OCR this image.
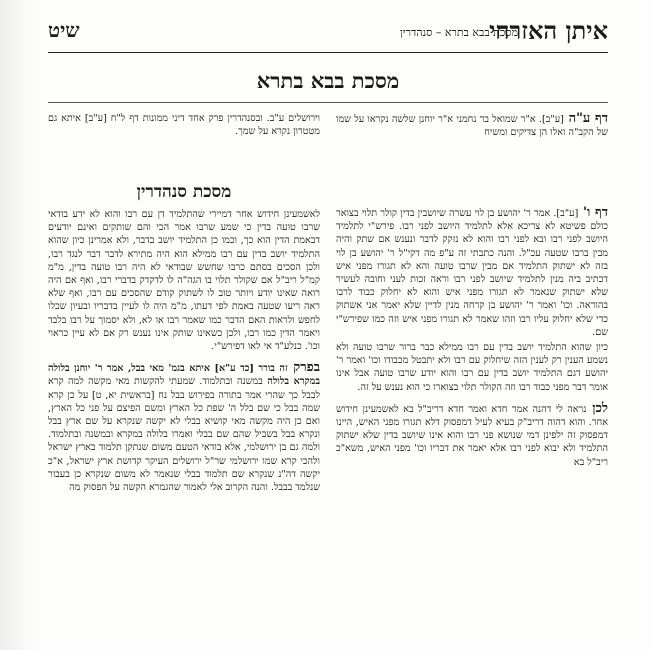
איתן האזרחי
מסכת בבא בתרא – סנהדרין
שיט
מסכת בבא בתרא

דף ע"ה [ע"ב]. א"ר שמואל בר נחמני א"ר יוחנן שלשה נקראו על שמו של הקב"ה ואלו הן צדיקים ומשיח

וירושלים ע"ב. ובסנהדרין פרק אחד דיני ממונות דף ל"ח [ע"ב] איתא גם מטטרון נקרא על שמך.

מסכת סנהדרין

דף ו' [ע"ב]. אמר ר' יהושע בן לוי עשרה שיושבין בדין קולר תלוי בצואר כולם פשיטא לא צריכא אלא לתלמיד היושב לפני רבו. פירש"י לתלמיד היושב לפני רבו ובא לפני רבו והוא לא נזקק לדבר ונענש אם שתק והיה מבין ברבו שטעה עכ"ל. והנה כתבתי זה ע"פ מה דקי"ל ר' יהושע בן לוי בזה לא ישתוק התלמיד אם מבין שרבו טועה והא לא תגורו מפני איש דכתיב ביה מנין לתלמיד שיושב לפני רבו וראה זכות לעני וחובה לעשיר שלא ישתוק שנאמר לא תגורו מפני איש והוא לא יחלוק כבוד לרבו בהוראה. וכו' ואמר ר' יהושע בן קרחה מנין לדיין שלא יאמר אני אשתוק כדי שלא יחלוק עליו רבו וזהו שאמר לא תגורו מפני איש וזה כמו שפירש"י שם.

כיון שהוא התלמיד יושב בדין עם רבו ממילא כבר ברור שרבו טועה ולא נשמע הענין רק לענין הזה שיחלוק עם רבו ולא יתבטל מכבודו וכו' ואמר ר' יהושע דגם התלמיד יושב בדין עם רבו והוא יודע שרבו טועה אבל אינו אומר דבר מפני כבוד רבו וזה הקולר תלוי בצוארו כי הוא נענש על זה.

לכן נראה לי דהנה אמר חדא ואמר חדא דריב"ל בא לאשמעינן חידוש אחר. והוא דהוה דריב"ק בעיא לעיל דמפסוק דלא תגורו מפני האיש, היינו דמפסוק זה ילפינן דמי שנושא פני רבו והוא אינו שיושב בדין שלא ישתוק התלמיד ולא יבוא לפני רבו אלא יאמר את דבריו וכו' מפני האיש, משא"כ ריב"ל בא

לאשמעינן חידוש אחר דמיירי שהתלמיד דן עם רבו והוא לא ידע בודאי שרבו טועה בדין כי שמע שרבו אמר הכי והם שותקים ואינם יודעים דבאמת הדין הוא כך, וכמו כן התלמיד יושב בדבר, ולא אמרינן כיון שהוא התלמיד יושב בדין עם רבו ממילא הוא היה מתירא לדבר דבר לנגד רבו, ולכן הסכים בסתם כרבו שחשש שבודאי לא היה רבו טועה בדין, מ"מ קמ"ל ריב"ל אם שקולר תלוי בו הגה"ה לו לדקדק בדברי רבו, ואף אם היה רואה שאינו יודע ויותר טוב לו לשתוק קודם שהסכים עם רבו, ואף שלא ראה ריעו שטעה באמת לפי דעתו, מ"מ היה לו לעיין בדבריו ובעיון שכלו לחפש ולראות האם הדבר כמו שאמר רבו או לא, ולא יסמוך על רבו בלבד ויאמר הדין כמו רבו, ולכן כשאינו שותק אינו נענש רק אם לא עיין כראוי וכו'. כנלע"ד אי לאו דפירש"י.

בפרק זה בורר [כד ע"א] איתא בגמ' מאי בבל, אמר ר' יוחנן בלולה במקרא בלולה במשנה ובתלמוד. שמעתי להקשות מאי מקשה למה קרא לבבל כך שהרי אמר בתורה בפירוש בבל נח [בראשית יא, ט] על כן קרא שמה בבל כי שם בלל ה' שפת כל הארץ ומשם הפיצם על פני כל הארץ, ואם כן היה מקשה מאי קושיא בבלי לא יקשה שנקרא על שם ארץ בבל ונקרא בבל בשביל שהם שם בבלי ואמרו בלולה במקרא ובמשנה ובתלמוד. ולמה גם בן ירושלמי, אלא בודאי הטעם משום שנתקן תלמוד בארץ ישראל ולהכי קרא שמו ירושלמי שר"ל ירושלים העיקר קדושת ארץ ישראל, א"כ יקשה דה"נ שנקרא שם תלמוד בבלי שנאמר לא משום שנקרא כן בעבור שנלמד בבבל. והנה הקרוב אלי לאמור שהגמרא הקשה על הפסוק מה
